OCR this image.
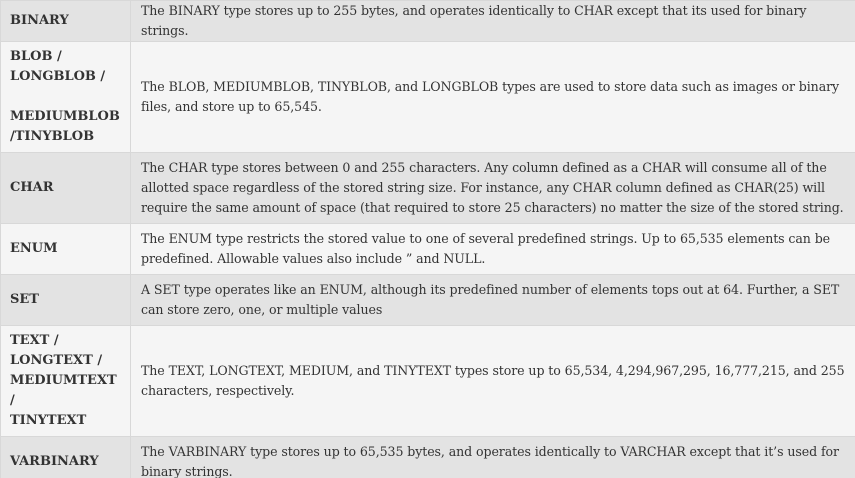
BINARY	The BINARY type stores up to 255 bytes, and operates identically to CHAR except that its used for binary strings.

BLOB /
LONGBLOB /
MEDIUMBLOB
/TINYBLOB	The BLOB, MEDIUMBLOB, TINYBLOB, and LONGBLOB types are used to store data such as images or binary files, and store up to 65,545.

CHAR	The CHAR type stores between 0 and 255 characters. Any column defined as a CHAR will consume all of the allotted space regardless of the stored string size. For instance, any CHAR column defined as CHAR(25) will require the same amount of space (that required to store 25 characters) no matter the size of the stored string.

ENUM	The ENUM type restricts the stored value to one of several predefined strings. Up to 65,535 elements can be predefined. Allowable values also include ” and NULL.

SET	A SET type operates like an ENUM, although its predefined number of elements tops out at 64. Further, a SET can store zero, one, or multiple values

TEXT /
LONGTEXT /
MEDIUMTEXT
/
TINYTEXT	The TEXT, LONGTEXT, MEDIUM, and TINYTEXT types store up to 65,534, 4,294,967,295, 16,777,215, and 255 characters, respectively.

VARBINARY	The VARBINARY type stores up to 65,535 bytes, and operates identically to VARCHAR except that it’s used for binary strings.
